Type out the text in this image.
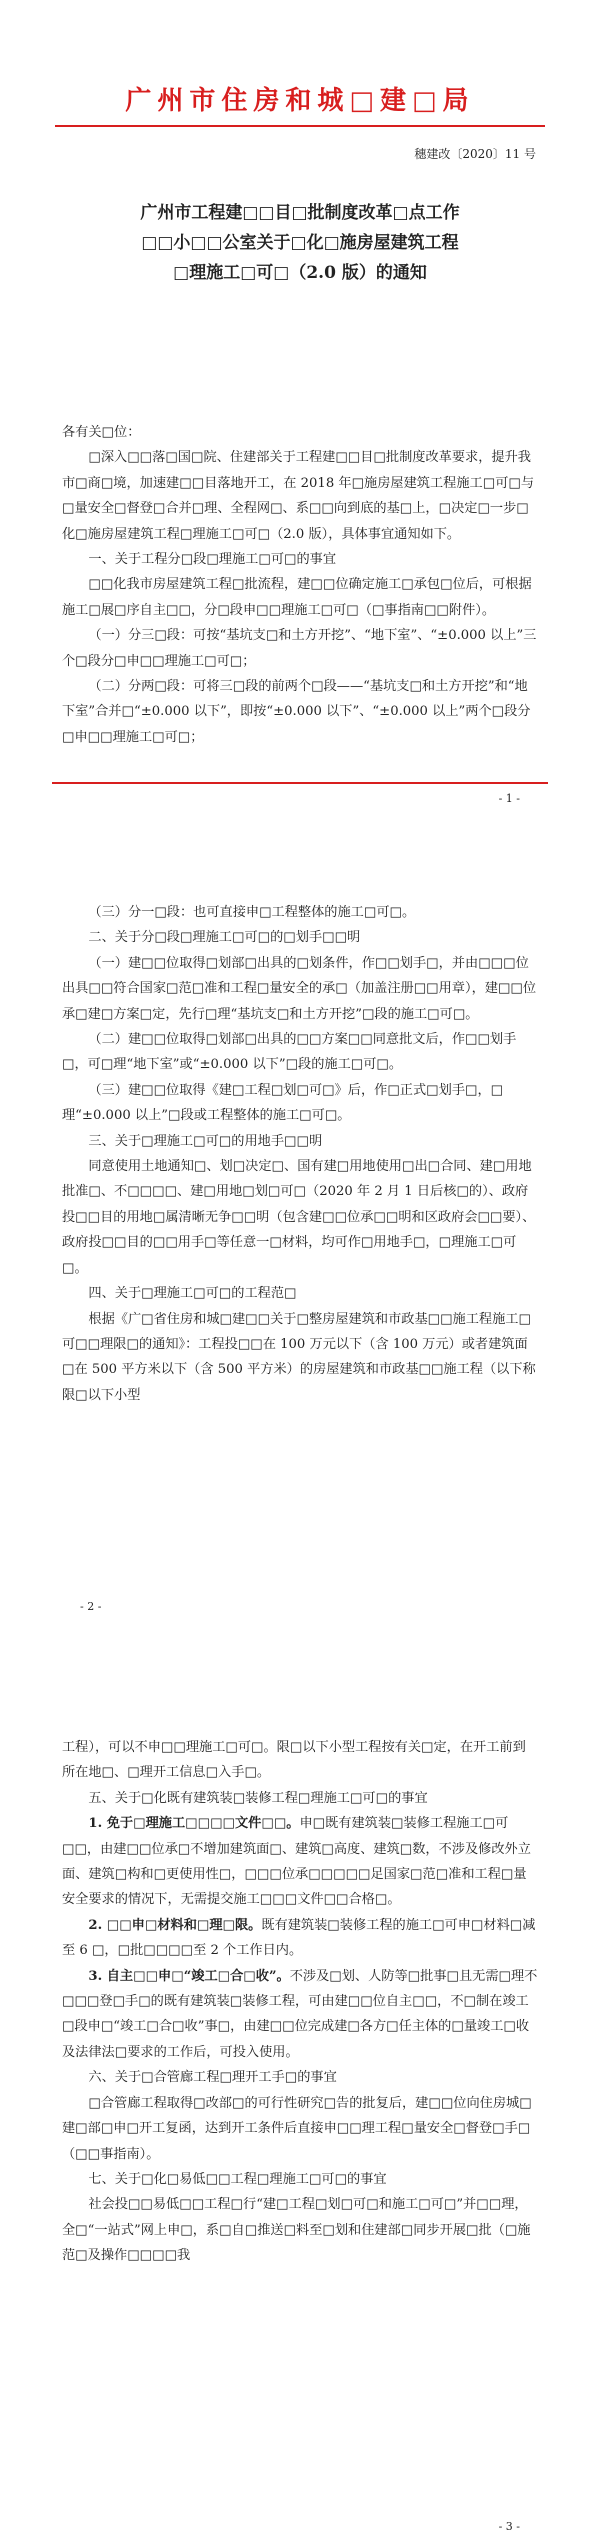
广州市住房和城□建□局
穗建改〔2020〕11 号
广州市工程建□□目□批制度改革□点工作
□□小□□公室关于□化□施房屋建筑工程
□理施工□可□（2.0 版）的通知

各有关□位：

□深入□□落□国□院、住建部关于工程建□□目□批制度改革要求，提升我市□商□境，加速建□□目落地开工，在 2018 年□施房屋建筑工程施工□可□与□量安全□督登□合并□理、全程网□、系□□向到底的基□上，□决定□一步□化□施房屋建筑工程□理施工□可□（2.0 版），具体事宜通知如下。

一、关于工程分□段□理施工□可□的事宜

□□化我市房屋建筑工程□批流程，建□□位确定施工□承包□位后，可根据施工□展□序自主□□，分□段申□□理施工□可□（□事指南□□附件）。

（一）分三□段：可按“基坑支□和土方开挖”、“地下室”、“±0.000 以上”三个□段分□申□□理施工□可□；

（二）分两□段：可将三□段的前两个□段——“基坑支□和土方开挖”和“地下室”合并□“±0.000 以下”，即按“±0.000 以下”、“±0.000 以上”两个□段分□申□□理施工□可□；

- 1 -

（三）分一□段：也可直接申□工程整体的施工□可□。

二、关于分□段□理施工□可□的□划手□□明

（一）建□□位取得□划部□出具的□划条件，作□□划手□，并由□□□位出具□□符合国家□范□准和工程□量安全的承□（加盖注册□□用章），建□□位承□建□方案□定，先行□理“基坑支□和土方开挖”□段的施工□可□。

（二）建□□位取得□划部□出具的□□方案□□同意批文后，作□□划手□，可□理“地下室”或“±0.000 以下”□段的施工□可□。

（三）建□□位取得《建□工程□划□可□》后，作□正式□划手□，□理“±0.000 以上”□段或工程整体的施工□可□。

三、关于□理施工□可□的用地手□□明

同意使用土地通知□、划□决定□、国有建□用地使用□出□合同、建□用地批准□、不□□□□、建□用地□划□可□（2020 年 2 月 1 日后核□的）、政府投□□目的用地□属清晰无争□□明（包含建□□位承□□明和区政府会□□要）、政府投□□目的□□用手□等任意一□材料，均可作□用地手□，□理施工□可□。

四、关于□理施工□可□的工程范□

根据《广□省住房和城□建□□关于□整房屋建筑和市政基□□施工程施工□可□□理限□的通知》：工程投□□在 100 万元以下（含 100 万元）或者建筑面□在 500 平方米以下（含 500 平方米）的房屋建筑和市政基□□施工程（以下称限□以下小型

- 2 -

工程），可以不申□□理施工□可□。限□以下小型工程按有关□定，在开工前到所在地□、□理开工信息□入手□。

五、关于□化既有建筑装□装修工程□理施工□可□的事宜

1. 免于□理施工□□□□文件□□。申□既有建筑装□装修工程施工□可□□，由建□□位承□不增加建筑面□、建筑□高度、建筑□数，不涉及修改外立面、建筑□构和□更使用性□，□□□位承□□□□□足国家□范□准和工程□量安全要求的情况下，无需提交施工□□□文件□□合格□。

2. □□申□材料和□理□限。既有建筑装□装修工程的施工□可申□材料□减至 6 □，□批□□□□至 2 个工作日内。

3. 自主□□申□“竣工□合□收”。不涉及□划、人防等□批事□且无需□理不□□□登□手□的既有建筑装□装修工程，可由建□□位自主□□，不□制在竣工□段申□“竣工□合□收”事□，由建□□位完成建□各方□任主体的□量竣工□收及法律法□要求的工作后，可投入使用。

六、关于□合管廊工程□理开工手□的事宜

□合管廊工程取得□改部□的可行性研究□告的批复后，建□□位向住房城□建□部□申□开工复函，达到开工条件后直接申□□理工程□量安全□督登□手□（□□事指南）。

七、关于□化□易低□□工程□理施工□可□的事宜

社会投□□易低□□工程□行“建□工程□划□可□和施工□可□”并□□理，全□“一站式”网上申□，系□自□推送□料至□划和住建部□同步开展□批（□施范□及操作□□□□我

- 3 -
